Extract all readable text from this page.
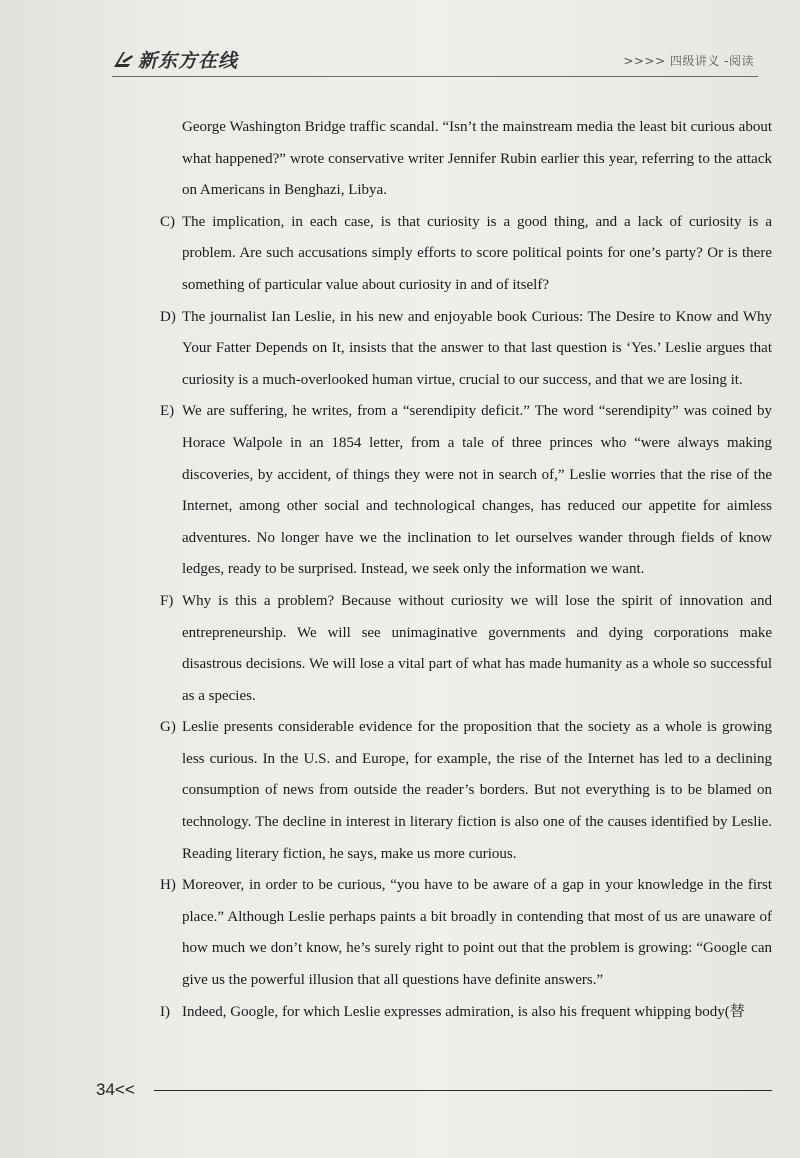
新东方在线	>>>> 四级讲义 -阅读

George Washington Bridge traffic scandal. “Isn’t the mainstream media the least bit curious about what happened?” wrote conservative writer Jennifer Rubin earlier this year, referring to the attack on Americans in Benghazi, Libya.

C) The implication, in each case, is that curiosity is a good thing, and a lack of curiosity is a problem. Are such accusations simply efforts to score political points for one’s party? Or is there something of particular value about curiosity in and of itself?

D) The journalist Ian Leslie, in his new and enjoyable book Curious: The Desire to Know and Why Your Fatter Depends on It, insists that the answer to that last question is ‘Yes.’ Leslie argues that curiosity is a much-overlooked human virtue, crucial to our success, and that we are losing it.

E) We are suffering, he writes, from a “serendipity deficit.” The word “serendipity” was coined by Horace Walpole in an 1854 letter, from a tale of three princes who “were always making discoveries, by accident, of things they were not in search of,” Leslie worries that the rise of the Internet, among other social and technological changes, has reduced our appetite for aimless adventures. No longer have we the inclination to let ourselves wander through fields of know ledges, ready to be surprised. Instead, we seek only the information we want.

F) Why is this a problem? Because without curiosity we will lose the spirit of innovation and entrepreneurship. We will see unimaginative governments and dying corporations make disastrous decisions. We will lose a vital part of what has made humanity as a whole so successful as a species.

G) Leslie presents considerable evidence for the proposition that the society as a whole is growing less curious. In the U.S. and Europe, for example, the rise of the Internet has led to a declining consumption of news from outside the reader’s borders. But not everything is to be blamed on technology. The decline in interest in literary fiction is also one of the causes identified by Leslie. Reading literary fiction, he says, make us more curious.

H) Moreover, in order to be curious, “you have to be aware of a gap in your knowledge in the first place.” Although Leslie perhaps paints a bit broadly in contending that most of us are unaware of how much we don’t know, he’s surely right to point out that the problem is growing: “Google can give us the powerful illusion that all questions have definite answers.”

I) Indeed, Google, for which Leslie expresses admiration, is also his frequent whipping body(替

34<<
